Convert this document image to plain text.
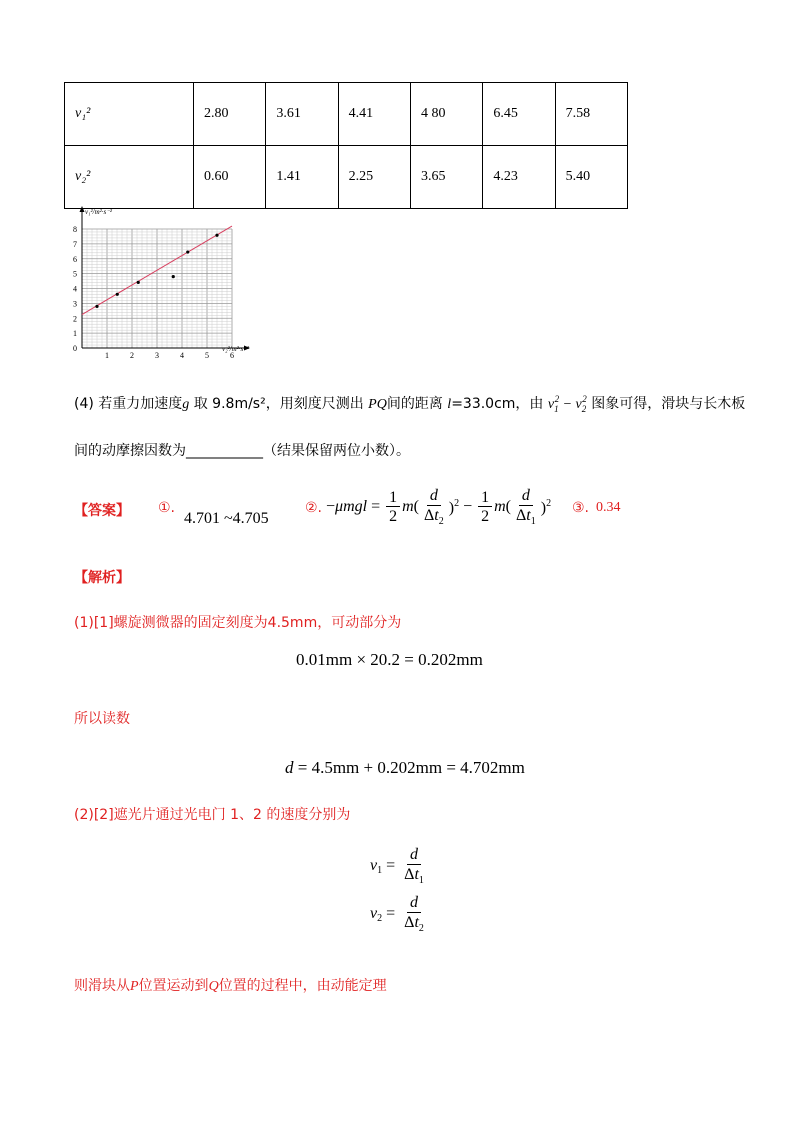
v₁²	2.80	3.61	4.41	4 80	6.45	7.58
v₂²	0.60	1.41	2.25	3.65	4.23	5.40
0
1
2
3
4
5
6
7
8
1	2	3	4	5	6
v₁²/m²·s⁻²
v₂²/m²·s⁻²
(4) 若重力加速度g 取 9.8m/s²，用刻度尺测出 PQ间的距离 l=33.0cm，由 $v_1^2 - v_2^2$ 图象可得，滑块与长木板
间的动摩擦因数为___________（结果保留两位小数）。
【答案】 ①.
4.701 ~4.705
②. − $\mu mgl = \frac{1}{2}$ m ( $\frac{d}{\Delta t_2} )^2 - \frac{1}{2}$ m ( $\frac{d}{\Delta t_1} )^2$ ③. 0.34
【解析】
(1)[1]螺旋测微器的固定刻度为4.5mm，可动部分为
0.01mm × 20.2 = 0.202mm
所以读数
d = 4.5mm + 0.202mm = 4.702mm
(2)[2]遮光片通过光电门 1、2 的速度分别为
$v_1 = \frac{d}{\Delta t_1}$
$v_2 = \frac{d}{\Delta t_2}$
则滑块从P位置运动到Q位置的过程中，由动能定理
